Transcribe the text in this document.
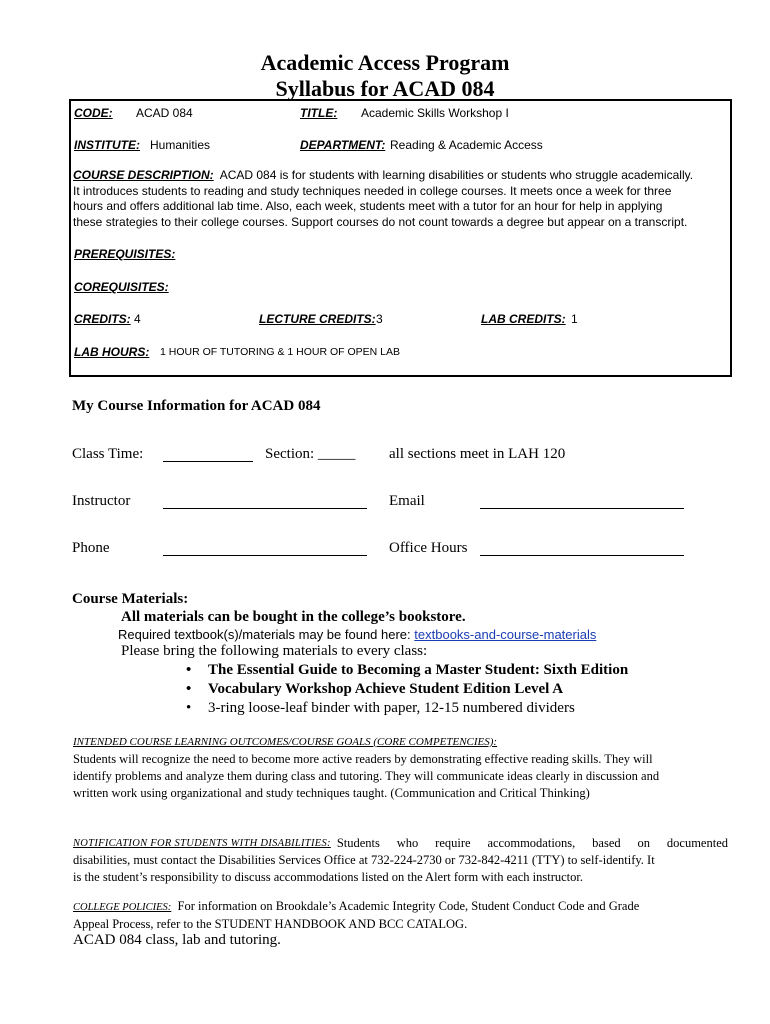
Academic Access Program
Syllabus for ACAD 084
CODE: ACAD 084	TITLE: Academic Skills Workshop I
INSTITUTE: Humanities	DEPARTMENT: Reading & Academic Access
COURSE DESCRIPTION: ACAD 084 is for students with learning disabilities or students who struggle academically.
It introduces students to reading and study techniques needed in college courses. It meets once a week for three
hours and offers additional lab time. Also, each week, students meet with a tutor for an hour for help in applying
these strategies to their college courses. Support courses do not count towards a degree but appear on a transcript.
PREREQUISITES:
COREQUISITES:
CREDITS: 4	LECTURE CREDITS: 3	LAB CREDITS: 1
LAB HOURS: 1 HOUR OF TUTORING & 1 HOUR OF OPEN LAB
My Course Information for ACAD 084
Class Time:	Section: _____ all sections meet in LAH 120
Instructor	Email
Phone	Office Hours
Course Materials:
All materials can be bought in the college’s bookstore.
Required textbook(s)/materials may be found here: textbooks-and-course-materials
Please bring the following materials to every class:
• The Essential Guide to Becoming a Master Student: Sixth Edition
• Vocabulary Workshop Achieve Student Edition Level A
• 3-ring loose-leaf binder with paper, 12-15 numbered dividers
INTENDED COURSE LEARNING OUTCOMES/COURSE GOALS (CORE COMPETENCIES):
Students will recognize the need to become more active readers by demonstrating effective reading skills. They will
identify problems and analyze them during class and tutoring. They will communicate ideas clearly in discussion and
written work using organizational and study techniques taught. (Communication and Critical Thinking)
NOTIFICATION FOR STUDENTS WITH DISABILITIES: Students who require accommodations, based on documented
disabilities, must contact the Disabilities Services Office at 732-224-2730 or 732-842-4211 (TTY) to self-identify. It
is the student’s responsibility to discuss accommodations listed on the Alert form with each instructor.
COLLEGE POLICIES: For information on Brookdale’s Academic Integrity Code, Student Conduct Code and Grade
Appeal Process, refer to the STUDENT HANDBOOK AND BCC CATALOG.
ACAD 084 class, lab and tutoring.
